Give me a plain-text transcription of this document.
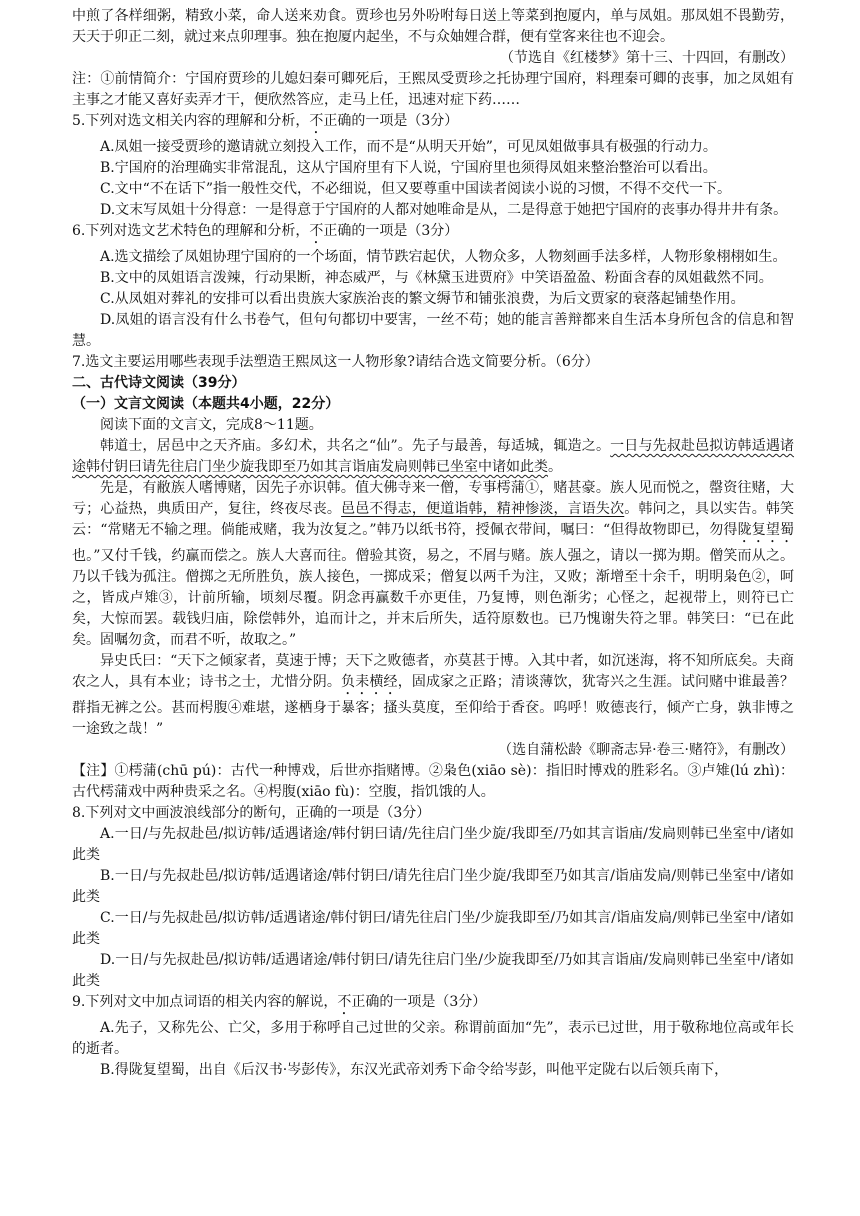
中煎了各样细粥，精致小菜，命人送来劝食。贾珍也另外吩咐每日送上等菜到抱厦内，单与凤姐。那凤姐不畏勤劳，天天于卯正二刻，就过来点卯理事。独在抱厦内起坐，不与众妯娌合群，便有堂客来往也不迎会。
（节选自《红楼梦》第十三、十四回，有删改）
注：①前情简介：宁国府贾珍的儿媳妇秦可卿死后，王熙凤受贾珍之托协理宁国府，料理秦可卿的丧事，加之凤姐有主事之才能又喜好卖弄才干，便欣然答应，走马上任，迅速对症下药……
5.下列对选文相关内容的理解和分析，不正确的一项是（3分）
A.凤姐一接受贾珍的邀请就立刻投入工作，而不是“从明天开始”，可见凤姐做事具有极强的行动力。
B.宁国府的治理确实非常混乱，这从宁国府里有下人说，宁国府里也须得凤姐来整治整治可以看出。
C.文中“不在话下”指一般性交代，不必细说，但又要尊重中国读者阅读小说的习惯，不得不交代一下。
D.文末写凤姐十分得意：一是得意于宁国府的人都对她唯命是从，二是得意于她把宁国府的丧事办得井井有条。
6.下列对选文艺术特色的理解和分析，不正确的一项是（3分）
A.选文描绘了凤姐协理宁国府的一个场面，情节跌宕起伏，人物众多，人物刻画手法多样，人物形象栩栩如生。
B.文中的凤姐语言泼辣，行动果断，神态威严，与《林黛玉进贾府》中笑语盈盈、粉面含春的凤姐截然不同。
C.从凤姐对葬礼的安排可以看出贵族大家族治丧的繁文缛节和铺张浪费，为后文贾家的衰落起铺垫作用。
D.凤姐的语言没有什么书卷气，但句句都切中要害，一丝不苟；她的能言善辩都来自生活本身所包含的信息和智慧。
7.选文主要运用哪些表现手法塑造王熙凤这一人物形象?请结合选文简要分析。（6分）
二、古代诗文阅读（39分）
（一）文言文阅读（本题共4小题，22分）
阅读下面的文言文，完成8～11题。
韩道士，居邑中之天齐庙。多幻术，共名之“仙”。先子与最善，每适城，辄造之。一日与先叔赴邑拟访韩适遇诸途韩付钥曰请先往启门坐少旋我即至乃如其言诣庙发扃则韩已坐室中诸如此类。
先是，有敝族人嗜博赌，因先子亦识韩。值大佛寺来一僧，专事樗蒲①，赌甚豪。族人见而悦之，罄资往赌，大亏；心益热，典质田产，复往，终夜尽丧。邑邑不得志，便道诣韩，精神惨淡，言语失次。韩问之，具以实告。韩笑云：“常赌无不输之理。倘能戒赌，我为汝复之。”韩乃以纸书符，授佩衣带间，嘱曰：“但得故物即已，勿得陇复望蜀也。”又付千钱，约赢而偿之。族人大喜而往。僧验其资，易之，不屑与赌。族人强之，请以一掷为期。僧笑而从之。乃以千钱为孤注。僧掷之无所胜负，族人接色，一掷成采；僧复以两千为注，又败；渐增至十余千，明明枭色②，呵之，皆成卢雉③，计前所输，顷刻尽覆。阴念再赢数千亦更佳，乃复博，则色渐劣；心怪之，起视带上，则符已亡矣，大惊而罢。载钱归庙，除偿韩外，追而计之，并末后所失，适符原数也。已乃愧谢失符之罪。韩笑曰：“已在此矣。固嘱勿贪，而君不听，故取之。”
异史氏曰：“天下之倾家者，莫速于博；天下之败德者，亦莫甚于博。入其中者，如沉迷海，将不知所底矣。夫商农之人，具有本业；诗书之士，尤惜分阴。负耒横经，固成家之正路；清谈薄饮，犹寄兴之生涯。试问赌中谁最善？群指无裤之公。甚而枵腹④难堪，遂栖身于暴客；搔头莫度，至仰给于香奁。呜呼！败德丧行，倾产亡身，孰非博之一途致之哉！”
（选自蒲松龄《聊斋志异·卷三·赌符》，有删改）
【注】①樗蒲(chū pú)：古代一种博戏，后世亦指赌博。②枭色(xiāo sè)：指旧时博戏的胜彩名。③卢雉(lú zhì)：古代樗蒲戏中两种贵采之名。④枵腹(xiāo fù)：空腹，指饥饿的人。
8.下列对文中画波浪线部分的断句，正确的一项是（3分）
A.一日/与先叔赴邑/拟访韩/适遇诸途/韩付钥曰请/先往启门坐少旋/我即至/乃如其言诣庙/发扃则韩已坐室中/诸如此类
B.一日/与先叔赴邑/拟访韩/适遇诸途/韩付钥曰/请先往启门坐少旋/我即至乃如其言/诣庙发扃/则韩已坐室中/诸如此类
C.一日/与先叔赴邑/拟访韩/适遇诸途/韩付钥曰/请先往启门坐/少旋我即至/乃如其言/诣庙发扃/则韩已坐室中/诸如此类
D.一日/与先叔赴邑/拟访韩/适遇诸途/韩付钥曰/请先往启门坐/少旋我即至/乃如其言诣庙/发扃则韩已坐室中/诸如此类
9.下列对文中加点词语的相关内容的解说，不正确的一项是（3分）
A.先子，又称先公、亡父，多用于称呼自己过世的父亲。称谓前面加“先”，表示已过世，用于敬称地位高或年长的逝者。
B.得陇复望蜀，出自《后汉书·岑彭传》，东汉光武帝刘秀下命令给岑彭，叫他平定陇右以后领兵南下，
